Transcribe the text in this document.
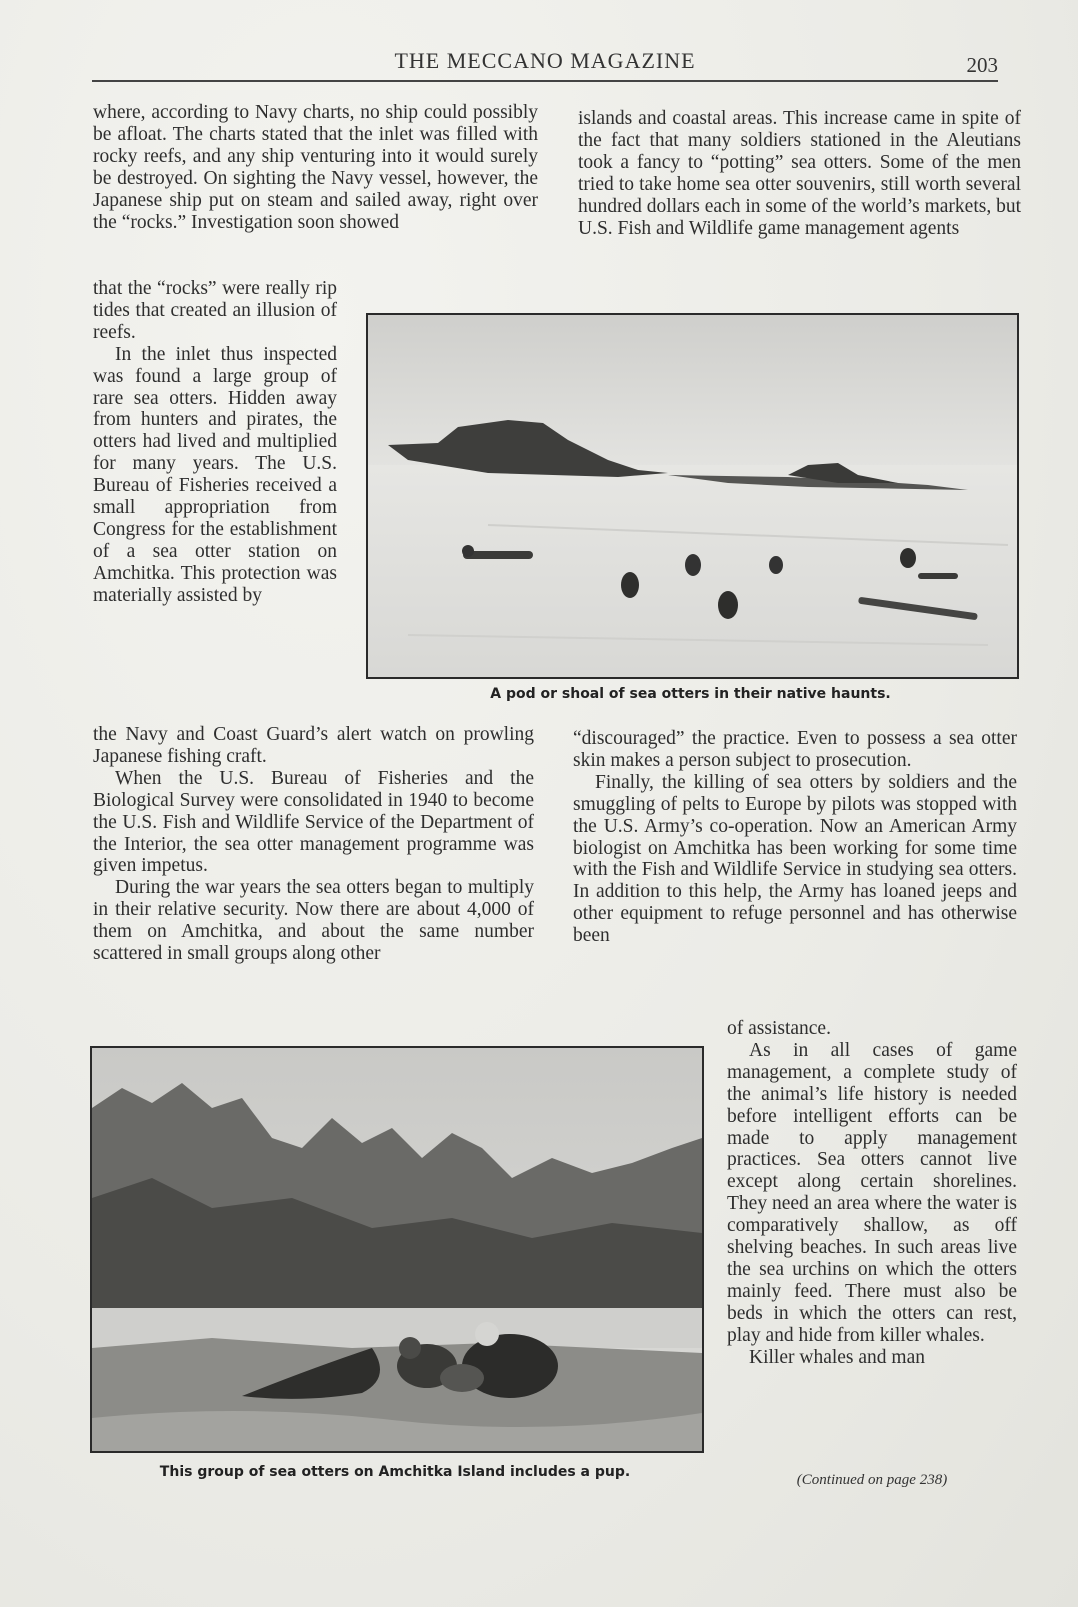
THE MECCANO MAGAZINE	203

where, according to Navy charts, no ship could possibly be afloat. The charts stated that the inlet was filled with rocky reefs, and any ship venturing into it would surely be destroyed. On sighting the Navy vessel, however, the Japanese ship put on steam and sailed away, right over the “rocks.” Investigation soon showed

that the “rocks” were really rip tides that created an illusion of reefs.

In the inlet thus inspected was found a large group of rare sea otters. Hidden away from hunters and pirates, the otters had lived and multiplied for many years. The U.S. Bureau of Fisheries received a small appropriation from Congress for the establishment of a sea otter station on Amchitka. This protection was materially assisted by

the Navy and Coast Guard’s alert watch on prowling Japanese fishing craft.

When the U.S. Bureau of Fisheries and the Biological Survey were consolidated in 1940 to become the U.S. Fish and Wildlife Service of the Department of the Interior, the sea otter management programme was given impetus.

During the war years the sea otters began to multiply in their relative security. Now there are about 4,000 of them on Amchitka, and about the same number scattered in small groups along other

islands and coastal areas. This increase came in spite of the fact that many soldiers stationed in the Aleutians took a fancy to “potting” sea otters. Some of the men tried to take home sea otter souvenirs, still worth several hundred dollars each in some of the world’s markets, but U.S. Fish and Wildlife game management agents

“discouraged” the practice. Even to possess a sea otter skin makes a person subject to prosecution.

Finally, the killing of sea otters by soldiers and the smuggling of pelts to Europe by pilots was stopped with the U.S. Army’s co-operation. Now an American Army biologist on Amchitka has been working for some time with the Fish and Wildlife Service in studying sea otters. In addition to this help, the Army has loaned jeeps and other equipment to refuge personnel and has otherwise been

of assistance.

As in all cases of game management, a complete study of the animal’s life history is needed before intelligent efforts can be made to apply management practices. Sea otters cannot live except along certain shorelines. They need an area where the water is comparatively shallow, as off shelving beaches. In such areas live the sea urchins on which the otters mainly feed. There must also be beds in which the otters can rest, play and hide from killer whales.

Killer whales and man

A pod or shoal of sea otters in their native haunts.
This group of sea otters on Amchitka Island includes a pup.	(Continued on page 238)
